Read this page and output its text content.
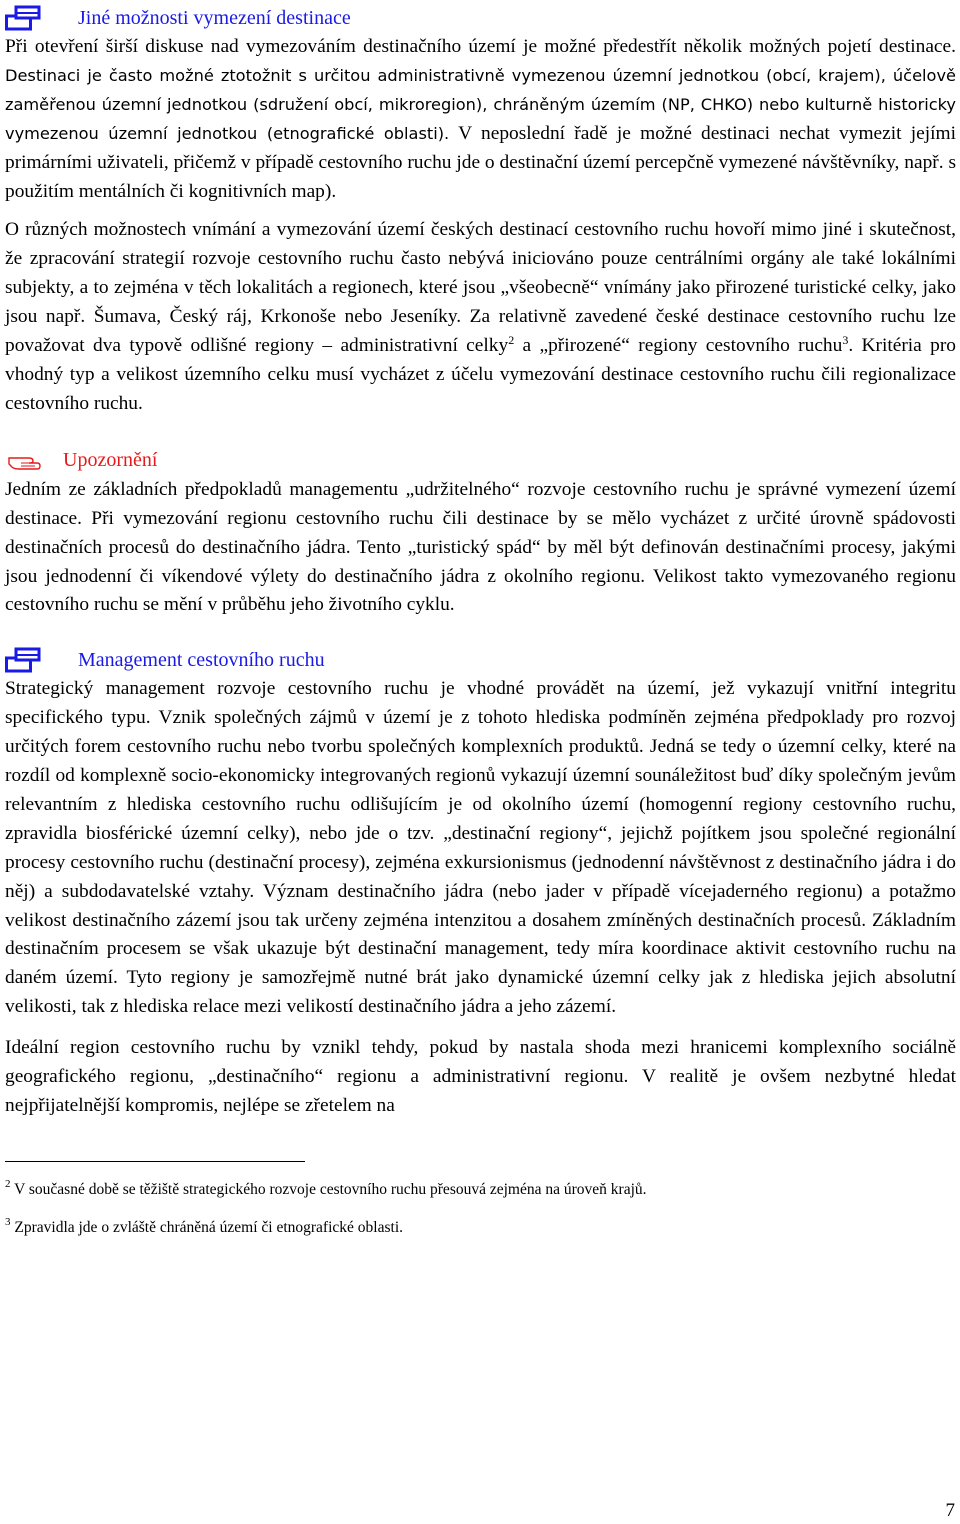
Jiné možnosti vymezení destinace

Při otevření širší diskuse nad vymezováním destinačního území je možné předestřít několik možných pojetí destinace. Destinaci je často možné ztotožnit s určitou administrativně vymezenou územní jednotkou (obcí, krajem), účelově zaměřenou územní jednotkou (sdružení obcí, mikroregion), chráněným územím (NP, CHKO) nebo kulturně historicky vymezenou územní jednotkou (etnografické oblasti). V neposlední řadě je možné destinaci nechat vymezit jejími primárními uživateli, přičemž v případě cestovního ruchu jde o destinační území percepčně vymezené návštěvníky, např. s použitím mentálních či kognitivních map).

O různých možnostech vnímání a vymezování území českých destinací cestovního ruchu hovoří mimo jiné i skutečnost, že zpracování strategií rozvoje cestovního ruchu často nebývá iniciováno pouze centrálními orgány ale také lokálními subjekty, a to zejména v těch lokalitách a regionech, které jsou „všeobecně“ vnímány jako přirozené turistické celky, jako jsou např. Šumava, Český ráj, Krkonoše nebo Jeseníky. Za relativně zavedené české destinace cestovního ruchu lze považovat dva typově odlišné regiony – administrativní celky$^2$ a „přirozené“ regiony cestovního ruchu$^3$. Kritéria pro vhodný typ a velikost územního celku musí vycházet z účelu vymezování destinace cestovního ruchu čili regionalizace cestovního ruchu.

Upozornění

Jedním ze základních předpokladů managementu „udržitelného“ rozvoje cestovního ruchu je správné vymezení území destinace. Při vymezování regionu cestovního ruchu čili destinace by se mělo vycházet z určité úrovně spádovosti destinačních procesů do destinačního jádra. Tento „turistický spád“ by měl být definován destinačními procesy, jakými jsou jednodenní či víkendové výlety do destinačního jádra z okolního regionu. Velikost takto vymezovaného regionu cestovního ruchu se mění v průběhu jeho životního cyklu.

Management cestovního ruchu

Strategický management rozvoje cestovního ruchu je vhodné provádět na území, jež vykazují vnitřní integritu specifického typu. Vznik společných zájmů v území je z tohoto hlediska podmíněn zejména předpoklady pro rozvoj určitých forem cestovního ruchu nebo tvorbu společných komplexních produktů. Jedná se tedy o územní celky, které na rozdíl od komplexně socio-ekonomicky integrovaných regionů vykazují územní sounáležitost buď díky společným jevům relevantním z hlediska cestovního ruchu odlišujícím je od okolního území (homogenní regiony cestovního ruchu, zpravidla biosférické územní celky), nebo jde o tzv. „destinační regiony“, jejichž pojítkem jsou společné regionální procesy cestovního ruchu (destinační procesy), zejména exkursionismus (jednodenní návštěvnost z destinačního jádra i do něj) a subdodavatelské vztahy. Význam destinačního jádra (nebo jader v případě vícejaderného regionu) a potažmo velikost destinačního zázemí jsou tak určeny zejména intenzitou a dosahem zmíněných destinačních procesů. Základním destinačním procesem se však ukazuje být destinační management, tedy míra koordinace aktivit cestovního ruchu na daném území. Tyto regiony je samozřejmě nutné brát jako dynamické územní celky jak z hlediska jejich absolutní velikosti, tak z hlediska relace mezi velikostí destinačního jádra a jeho zázemí.

Ideální region cestovního ruchu by vznikl tehdy, pokud by nastala shoda mezi hranicemi komplexního sociálně geografického regionu, „destinačního“ regionu a administrativní regionu. V realitě je ovšem nezbytné hledat nejpřijatelnější kompromis, nejlépe se zřetelem na

$^2$ V současné době se těžiště strategického rozvoje cestovního ruchu přesouvá zejména na úroveň krajů.
$^3$ Zpravidla jde o zvláště chráněná území či etnografické oblasti.
7
